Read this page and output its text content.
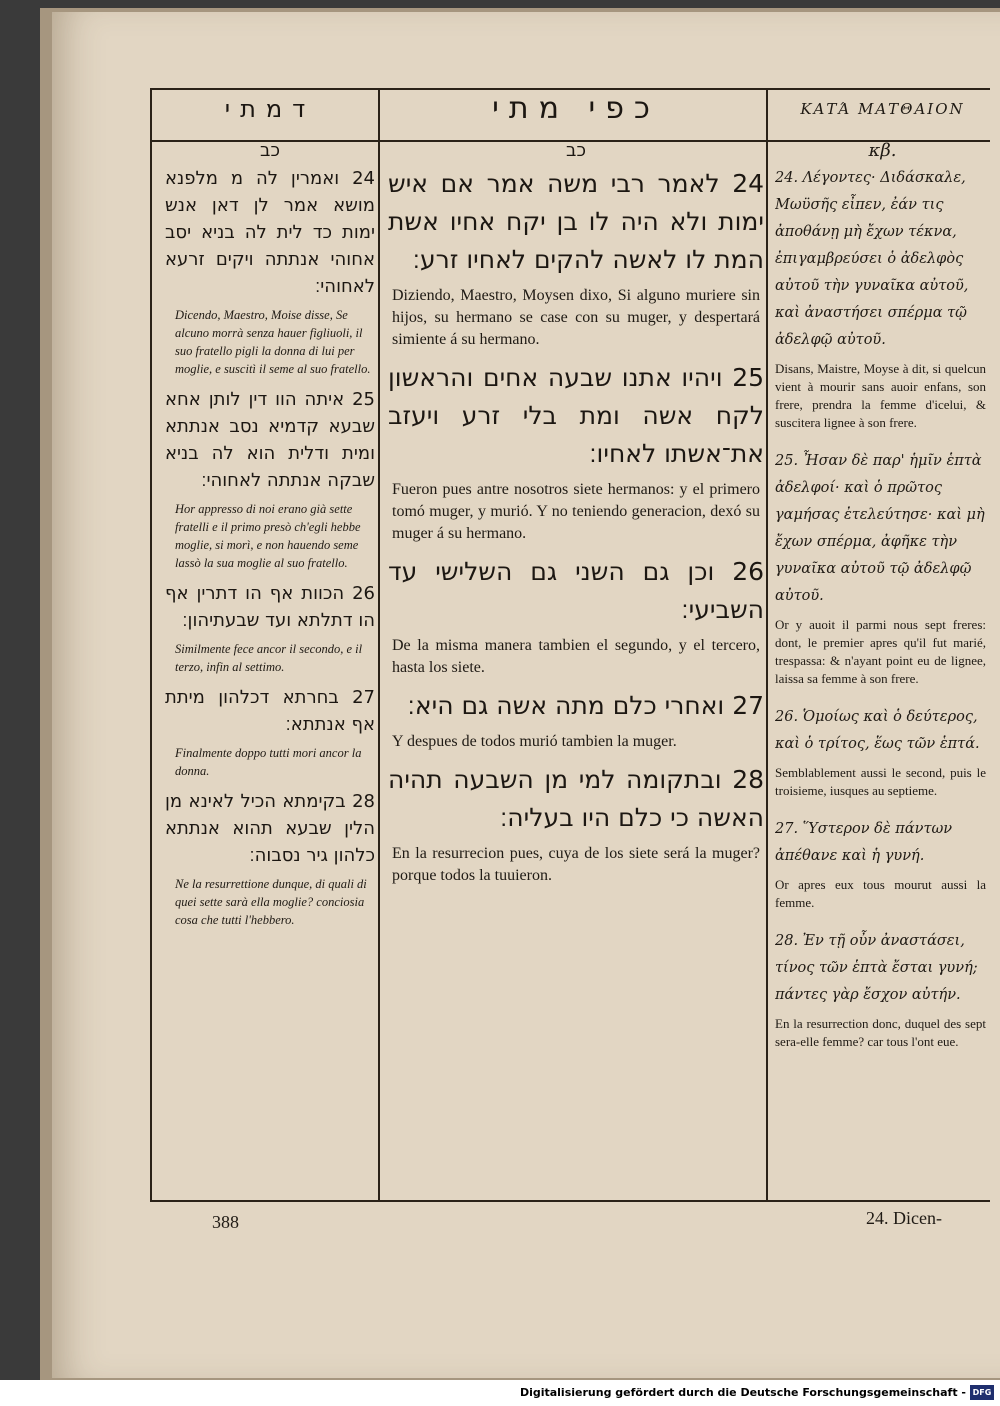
דמתי
כב
24 ואמרין לה מ מלפנא מושא אמר לן דאן אנש ימות כד לית לה בניא יסב אחוהי אנתתה ויקים זרעא לאחוהי׃
Dicendo, Maestro, Moise disse, Se alcuno morrà senza hauer figliuoli, il suo fratello pigli la donna di lui per moglie, e suscitì il seme al suo fratello.
25 איתה הוו דין לותן אחא שבעא קדמיא נסב אנתתא ומית ודלית הוא לה בניא שבקה אנתתה לאחוהי׃
Hor appresso di noi erano già sette fratelli e il primo presò ch'egli hebbe moglie, si morì, e non hauendo seme lassò la sua moglie al suo fratello.
26 הכוות אף הו דתרין אף הו דתלתא ועד שבעתיהון׃
Similmente fece ancor il secondo, e il terzo, infin al settimo.
27 בחרתא דכלהון מיתת אף אנתתא׃
Finalmente doppo tutti mori ancor la donna.
28 בקימתא הכיל לאינא מן הלין שבעא תהוא אנתתא כלהון גיר נסבוה׃
Ne la resurrettione dunque, di quali di quei sette sarà ella moglie? conciosia cosa che tutti l'hebbero.
כפי מתי
כב
24 לאמר רבי משה אמר אם איש ימות ולא היה לו בן יקח אחיו אשת המת לו לאשה להקים לאחיו זרע׃
Diziendo, Maestro, Moysen dixo, Si alguno muriere sin hijos, su hermano se case con su muger, y despertará simiente á su hermano.
25 ויהיו אתנו שבעה אחים והראשון לקח אשה ומת בלי זרע ויעזב את־אשתו לאחיו׃
Fueron pues antre nosotros siete hermanos: y el primero tomó muger, y murió. Y no teniendo generacion, dexó su muger á su hermano.
26 וכן גם השני גם השלישי עד השביעי׃
De la misma manera tambien el segundo, y el tercero, hasta los siete.
27 ואחרי כלם מתה אשה גם היא׃
Y despues de todos murió tambien la muger.
28 ובתקומה למי מן השבעה תהיה האשה כי כלם היו בעליה׃
En la resurrecion pues, cuya de los siete será la muger? porque todos la tuuieron.
ΚΑΤΆ ΜΑΤΘΑΙΟΝ
κβ.
24. Λέγοντες· Διδάσκαλε, Μωϋσῆς εἶπεν, ἐάν τις ἀποθάνῃ μὴ ἔχων τέκνα, ἐπιγαμβρεύσει ὁ ἀδελφὸς αὐτοῦ τὴν γυναῖκα αὐτοῦ, καὶ ἀναστήσει σπέρμα τῷ ἀδελφῷ αὐτοῦ.
Disans, Maistre, Moyse à dit, si quelcun vient à mourir sans auoir enfans, son frere, prendra la femme d'icelui, & suscitera lignee à son frere.
25. Ἦσαν δὲ παρ' ἡμῖν ἑπτὰ ἀδελφοί· καὶ ὁ πρῶτος γαμήσας ἐτελεύτησε· καὶ μὴ ἔχων σπέρμα, ἀφῆκε τὴν γυναῖκα αὐτοῦ τῷ ἀδελφῷ αὐτοῦ.
Or y auoit il parmi nous sept freres: dont, le premier apres qu'il fut marié, trespassa: & n'ayant point eu de lignee, laissa sa femme à son frere.
26. Ὁμοίως καὶ ὁ δεύτερος, καὶ ὁ τρίτος, ἕως τῶν ἑπτά.
Semblablement aussi le second, puis le troisieme, iusques au septieme.
27. Ὕστερον δὲ πάντων ἀπέθανε καὶ ἡ γυνή.
Or apres eux tous mourut aussi la femme.
28. Ἐν τῇ οὖν ἀναστάσει, τίνος τῶν ἑπτὰ ἔσται γυνή; πάντες γὰρ ἔσχον αὐτήν.
En la resurrection donc, duquel des sept sera-elle femme? car tous l'ont eue.
388	24. Dicen-
Digitalisierung gefördert durch die Deutsche Forschungsgemeinschaft - DFG
